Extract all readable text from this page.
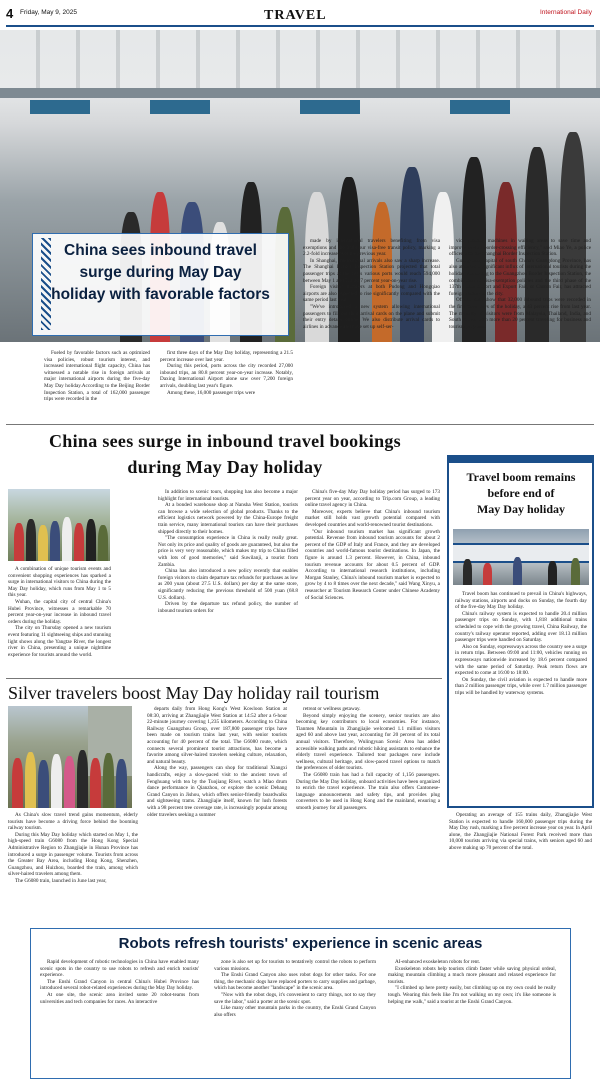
4 Friday, May 9, 2025	TRAVEL	International Daily
China sees inbound travel
surge during May Day
holiday with favorable factors

Fueled by favorable factors such as optimized visa policies, robust tourism interest, and increased international flight capacity, China has witnessed a notable rise in foreign arrivals at major international airports during the five-day May Day holiday.According to the Beijing Border Inspection Station, a total of 162,000 passenger trips were recorded in the

first three days of the May Day holiday, representing a 21.5 percent increase over last year.

During this period, ports across the city recorded 27,000 inbound trips, an 80.8 percent year-on-year increase. Notably, Daxing International Airport alone saw over 7,200 foreign arrivals, doubling last year's figure.

Among these, 16,000 passenger trips were

made by international travelers benefiting from visa exemptions and the 240-hour visa-free transit policy, marking a 2.2-fold increase over the previous year.

In Shanghai, international arrivals also saw a sharp increase. The Shanghai Border Inspection Station projected that total passenger trips at the city's various ports would reach 594,000 between May 1 and 5, a 30.7 percent year-on-year rise.

Foreign visitor numbers at both Pudong and Hongqiao airports are also expected to rise significantly compared with the same period last year.

"We've introduced a new system allowing international passengers to fill out their arrival cards on the plane and submit their entry details online. We also distribute arrival cards to airlines in advance and have set up self-ser-

vice printing machines in waiting areas to save time and improve overall border-crossing efficiency," said Miao Ye, a police officer with the Shanghai Border Inspection Station.

Guangzhou, capital of south China's Guangdong Province, has also attracted a significant influx of international tourists during the holiday. According to the Guangzhou Border Inspection Station, the combination of visa-exemption policies and the third phase of the 137th China Import and Export Fair, or Canton Fair, has attracted foreign visitors to the city.

Official data show that 32,000 inbound trips were recorded in the first three days of the holiday, a 43 percent rise from last year. The majority of visitors were from Malaysia, Thailand, India, and South Korea, with more than 20 percent traveling for business and tourism purposes.

China sees surge in inbound travel bookings
during May Day holiday

A combination of unique tourism events and convenient shopping experiences has sparked a surge in international visitors to China during the May Day holiday, which runs from May 1 to 5 this year.

Wuhan, the capital city of central China's Hubei Province, witnesses a remarkable 70 percent year-on-year increase in inbound travel orders during the holiday.

The city on Thursday opened a new tourism event featuring 11 sightseeing ships and stunning light shows along the Yangtze River, the longest river in China, presenting a unique nighttime experience for tourists around the world.

In addition to scenic tours, shopping has also become a major highlight for international tourists.

At a bonded warehouse shop at Nansha West Station, tourists can browse a wide selection of global products. Thanks to the efficient logistics network powered by the China-Europe freight train service, many international tourists can have their purchases shipped directly to their homes.

"The consumption experience in China is really really great. Not only its price and quality of goods are guaranteed, but also the price is very very reasonable, which makes my trip to China filled with lots of good memories," said Suwilanji, a tourist from Zambia.

China has also introduced a new policy recently that enables foreign visitors to claim departure tax refunds for purchases as low as 200 yuan (about 27.5 U.S. dollars) per day at the same store, significantly reducing the previous threshold of 500 yuan (68.8 U.S. dollars).

Driven by the departure tax refund policy, the number of inbound tourism orders for

China's five-day May Day holiday period has surged to 173 percent year on year, according to Trip.com Group, a leading online travel agency in China.

Moreover, experts believe that China's inbound tourism market still holds vast growth potential compared with developed countries and world-renowned tourist destinations.

"Our inbound tourism market has significant growth potential. Revenue from inbound tourism accounts for about 2 percent of the GDP of Italy and France, and they are developed countries and world-famous tourist destinations. In Japan, the figure is around 1.3 percent. However, in China, inbound tourism revenue accounts for about 0.5 percent of GDP. According to international research institutions, including Morgan Stanley, China's inbound tourism market is expected to grow by 4 to 8 times over the next decade," said Wang Xinyu, a researcher at Tourism Research Center under Chinese Academy of Social Sciences.

Travel boom remains
before end of
May Day holiday

Travel boom has continued to prevail in China's highways, railway stations, airports and docks on Sunday, the fourth day of the five-day May Day holiday.

China's railway system is expected to handle 20.4 million passenger trips on Sunday, with 1,818 additional trains scheduled to cope with the growing travel, China Railway, the country's railway operator reported, adding over 18.13 million passenger trips were handled on Saturday.

Also on Sunday, expressways across the country see a surge in return trips. Between 09:00 and 11:00, vehicles running on expressways nationwide increased by 18.6 percent compared with the same period of Saturday. Peak return flows are expected to come at 16:00 to 18:00.

On Sunday, the civil aviation is expected to handle more than 2 million passenger trips, while over 1.7 million passenger trips will be handled by waterway systems.

Silver travelers boost May Day holiday rail tourism

As China's slow travel trend gains momentum, elderly tourists have become a driving force behind the booming railway tourism.

During this May Day holiday which started on May 1, the high-speed train G6080 from the Hong Kong Special Administrative Region to Zhangjiajie in Hunan Province has introduced a surge in passenger volume. Tourists from across the Greater Bay Area, including Hong Kong, Shenzhen, Guangzhou, and Huizhou, boarded the train, among which silver-haired travelers among them.

The G6080 train, launched in June last year,

departs daily from Hong Kong's West Kowloon Station at 08:30, arriving at Zhangjiajie West Station at 14:52 after a 6-hour 22-minute journey covering 1,235 kilometers. According to China Railway Guangzhou Group, over 187,800 passenger trips have been made on tourism trains last year, with senior tourists accounting for 40 percent of the total. The G6080 route, which connects several prominent tourist attractions, has become a favorite among silver-haired travelers seeking culture, relaxation, and natural beauty.

Along the way, passengers can shop for traditional Xiangxi handicrafts, enjoy a slow-paced visit to the ancient town of Fenghuang with tea by the Tuojiang River, watch a Miao drum dance performance in Qianzhou, or explore the scenic Dehang Grand Canyon in Jishou, which offers senior-friendly boardwalks and sightseeing trams. Zhangjiajie itself, known for lush forests with a 98 percent tree coverage rate, is increasingly popular among older travelers seeking a summer

retreat or wellness getaway.

Beyond simply enjoying the scenery, senior tourists are also becoming key contributors to local economies. For instance, Tianmen Mountain in Zhangjiajie welcomed 1.1 million visitors aged 60 and above last year, accounting for 20 percent of its total annual visitors. Therefore, Wulingyuan Scenic Area has added accessible walking paths and robotic hiking assistants to enhance the elderly travel experience. Tailored tour packages now include wellness, cultural heritage, and slow-paced travel options to match the preferences of older tourists.

The G6080 train has had a full capacity of 1,156 passengers. During the May Day holiday, onboard activities have been organized to enrich the travel experience. The train also offers Cantonese-language announcements and safety tips, and provides plug converters to be used in Hong Kong and the mainland, ensuring a smooth journey for all passengers.

Operating an average of 155 trains daily, Zhangjiajie West Station is expected to handle 160,000 passenger trips during the May Day rush, marking a five percent increase year on year. In April alone, the Zhangjiajie National Forest Park received more than 10,000 tourists arriving via special trains, with seniors aged 60 and above making up 70 percent of the total.

Robots refresh tourists' experience in scenic areas

Rapid development of robotic technologies in China have enabled many scenic spots in the country to use robots to refresh and enrich tourists' experience.

The Enshi Grand Canyon in central China's Hubei Province has introduced several robot-related experiences during the May Day holiday.

At one site, the scenic area invited some 20 robot-teams from universities and tech companies for races. An interactive

zone is also set up for tourists to tentatively control the robots to perform various missions.

The Enshi Grand Canyon also uses robot dogs for other tasks. For one thing, the mechanic dogs have replaced porters to carry supplies and garbage, which has become another "landscape" in the scenic area.

"Now with the robot dogs, it's convenient to carry things, not to say they save the labor," said a porter at the scenic spot.

Like many other mountain parks in the country, the Enshi Grand Canyon also offers

AI-enhanced exoskeleton robots for rent.

Exoskeleton robots help tourists climb faster while saving physical ordeal, making mountain climbing a much more pleasant and relaxed experience for tourists.

"I climbed up here pretty easily, but climbing up on my own could be really tough. Wearing this feels like I'm not walking on my own; it's like someone is helping me walk," said a tourist at the Enshi Grand Canyon.
